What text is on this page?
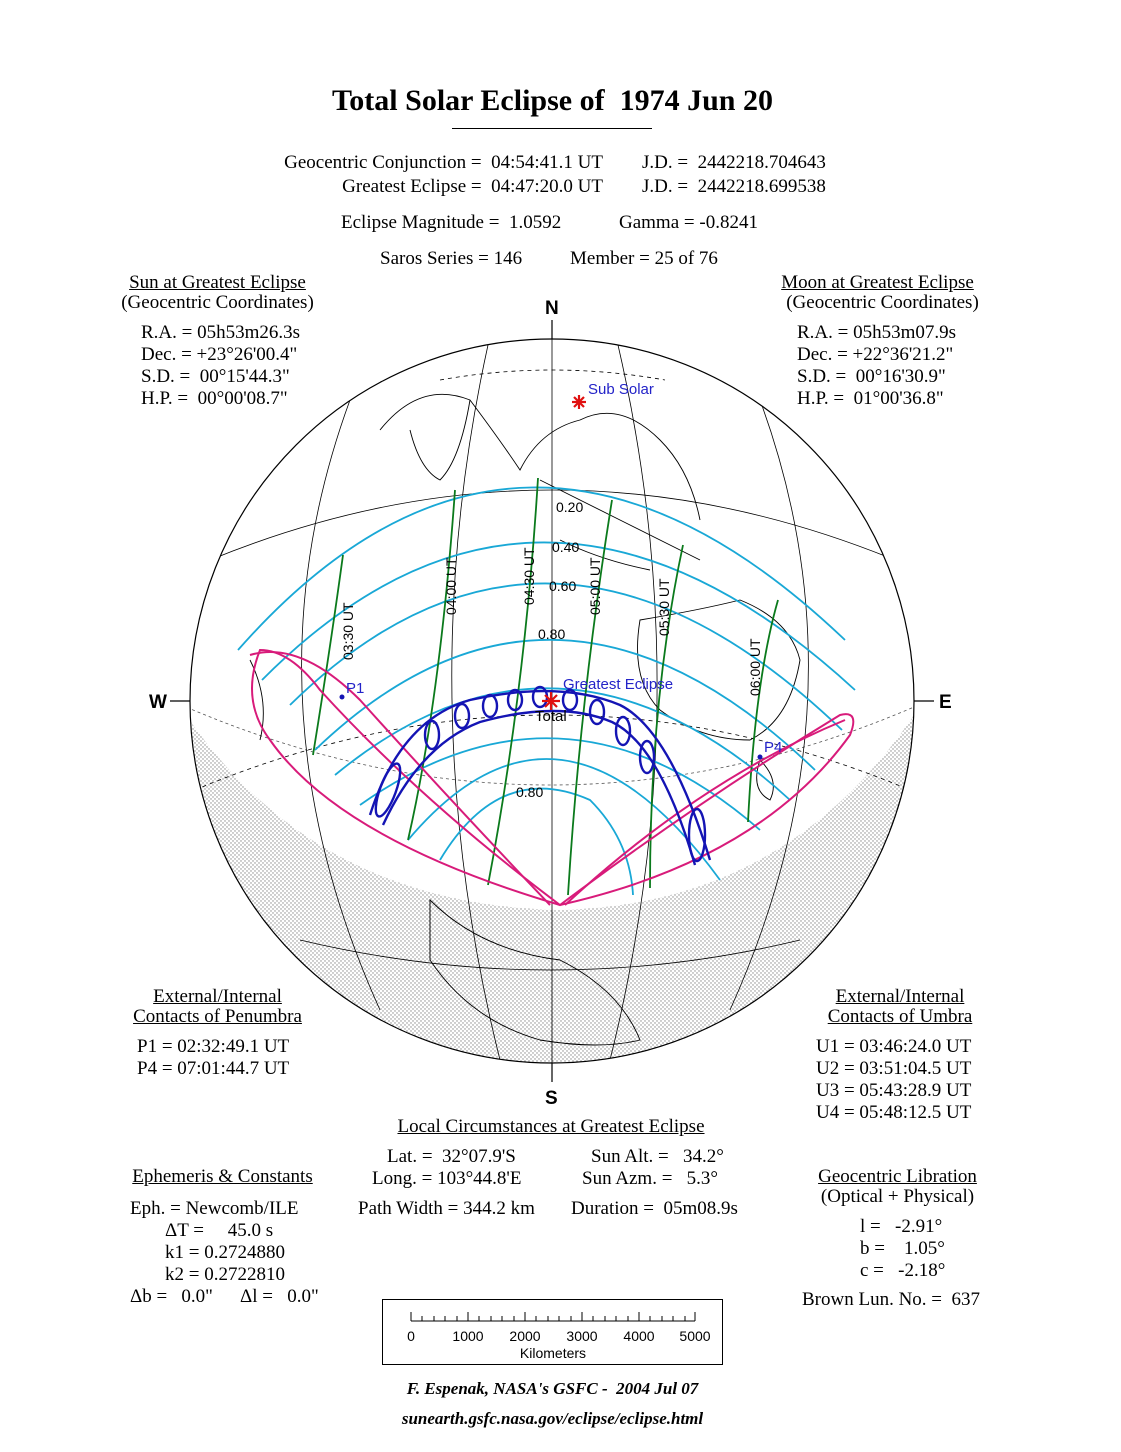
Total Solar Eclipse of  1974 Jun 20
Geocentric Conjunction =  04:54:41.1 UT J.D. =  2442218.704643
Greatest Eclipse =  04:47:20.0 UT J.D. =  2442218.699538
Eclipse Magnitude =  1.0592	Gamma = -0.8241
Saros Series = 146	Member = 25 of 76
Sun at Greatest Eclipse
(Geocentric Coordinates)
R.A. = 05h53m26.3s
Dec. = +23°26'00.4"
S.D. =  00°15'44.3"
H.P. =  00°00'08.7"
Moon at Greatest Eclipse
(Geocentric Coordinates)
R.A. = 05h53m07.9s
Dec. = +22°36'21.2"
S.D. =  00°16'30.9"
H.P. =  01°00'36.8"
Sub Solar
Greatest Eclipse
Total
P1
P4
0.20
0.40
0.60
0.80
0.80
03:30 UT
04:00 UT	04:30 UT	05:00 UT	05:30 UT
06:00 UT
N
S
W	E
External/Internal
Contacts of Penumbra
P1 = 02:32:49.1 UT
P4 = 07:01:44.7 UT
External/Internal
Contacts of Umbra
U1 = 03:46:24.0 UT
U2 = 03:51:04.5 UT
U3 = 05:43:28.9 UT
U4 = 05:48:12.5 UT
Local Circumstances at Greatest Eclipse
Lat. =  32°07.9'S	Sun Alt. =   34.2°
Long. = 103°44.8'E	Sun Azm. =   5.3°
Path Width = 344.2 km Duration =  05m08.9s
Ephemeris & Constants
Eph. = Newcomb/ILE
ΔT =     45.0 s
k1 = 0.2724880
k2 = 0.2722810
Δb =   0.0" Δl =   0.0"
Geocentric Libration
(Optical + Physical)
l =   -2.91°
b =    1.05°
c =   -2.18°
Brown Lun. No. =  637
0	1000 2000 3000 4000 5000
Kilometers
F. Espenak, NASA's GSFC -  2004 Jul 07
sunearth.gsfc.nasa.gov/eclipse/eclipse.html
